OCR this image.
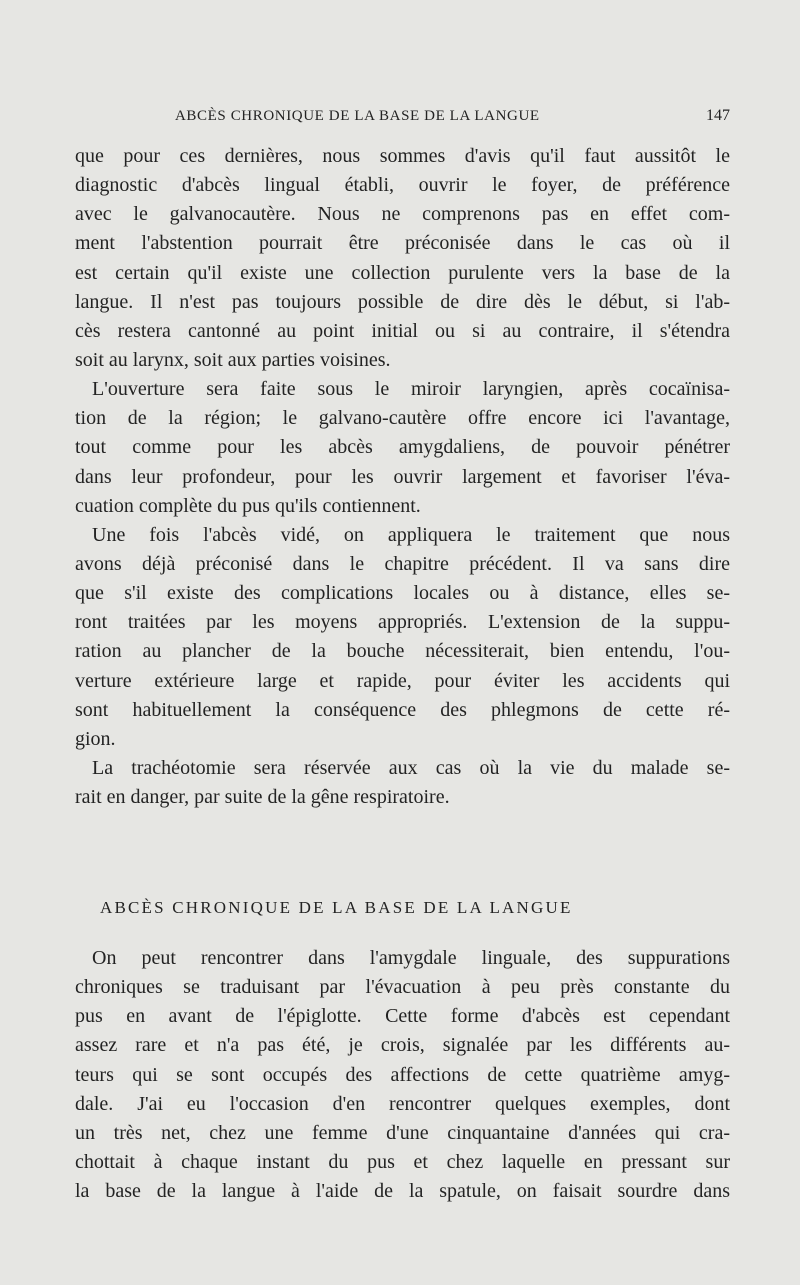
ABCÈS CHRONIQUE DE LA BASE DE LA LANGUE	147
que pour ces dernières, nous sommes d'avis qu'il faut aussitôt le
diagnostic d'abcès lingual établi, ouvrir le foyer, de préférence
avec le galvanocautère. Nous ne comprenons pas en effet com-
ment l'abstention pourrait être préconisée dans le cas où il
est certain qu'il existe une collection purulente vers la base de la
langue. Il n'est pas toujours possible de dire dès le début, si l'ab-
cès restera cantonné au point initial ou si au contraire, il s'étendra
soit au larynx, soit aux parties voisines.
L'ouverture sera faite sous le miroir laryngien, après cocaïnisa-
tion de la région; le galvano-cautère offre encore ici l'avantage,
tout comme pour les abcès amygdaliens, de pouvoir pénétrer
dans leur profondeur, pour les ouvrir largement et favoriser l'éva-
cuation complète du pus qu'ils contiennent.
Une fois l'abcès vidé, on appliquera le traitement que nous
avons déjà préconisé dans le chapitre précédent. Il va sans dire
que s'il existe des complications locales ou à distance, elles se-
ront traitées par les moyens appropriés. L'extension de la suppu-
ration au plancher de la bouche nécessiterait, bien entendu, l'ou-
verture extérieure large et rapide, pour éviter les accidents qui
sont habituellement la conséquence des phlegmons de cette ré-
gion.
La trachéotomie sera réservée aux cas où la vie du malade se-
rait en danger, par suite de la gêne respiratoire.
ABCÈS CHRONIQUE DE LA BASE DE LA LANGUE
On peut rencontrer dans l'amygdale linguale, des suppurations
chroniques se traduisant par l'évacuation à peu près constante du
pus en avant de l'épiglotte. Cette forme d'abcès est cependant
assez rare et n'a pas été, je crois, signalée par les différents au-
teurs qui se sont occupés des affections de cette quatrième amyg-
dale. J'ai eu l'occasion d'en rencontrer quelques exemples, dont
un très net, chez une femme d'une cinquantaine d'années qui cra-
chottait à chaque instant du pus et chez laquelle en pressant sur
la base de la langue à l'aide de la spatule, on faisait sourdre dans
